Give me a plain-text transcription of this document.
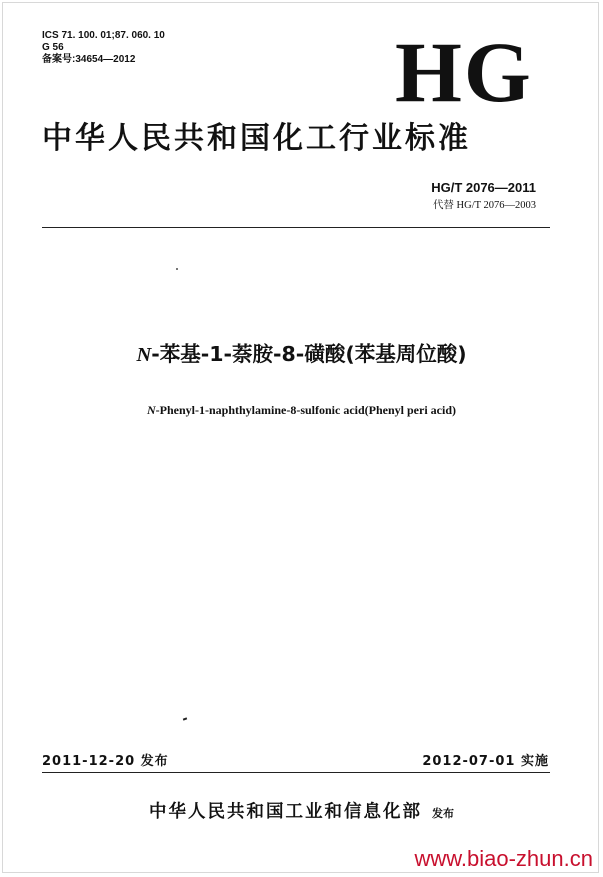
ICS 71. 100. 01;87. 060. 10
G 56
备案号:34654—2012	HG
中华人民共和国化工行业标准
HG/T 2076—2011
代替 HG/T 2076—2003
N-苯基-1-萘胺-8-磺酸(苯基周位酸)
N-Phenyl-1-naphthylamine-8-sulfonic acid(Phenyl peri acid)
2011-12-20 发布	2012-07-01 实施
中华人民共和国工业和信息化部 发布
www.biao-zhun.cn
